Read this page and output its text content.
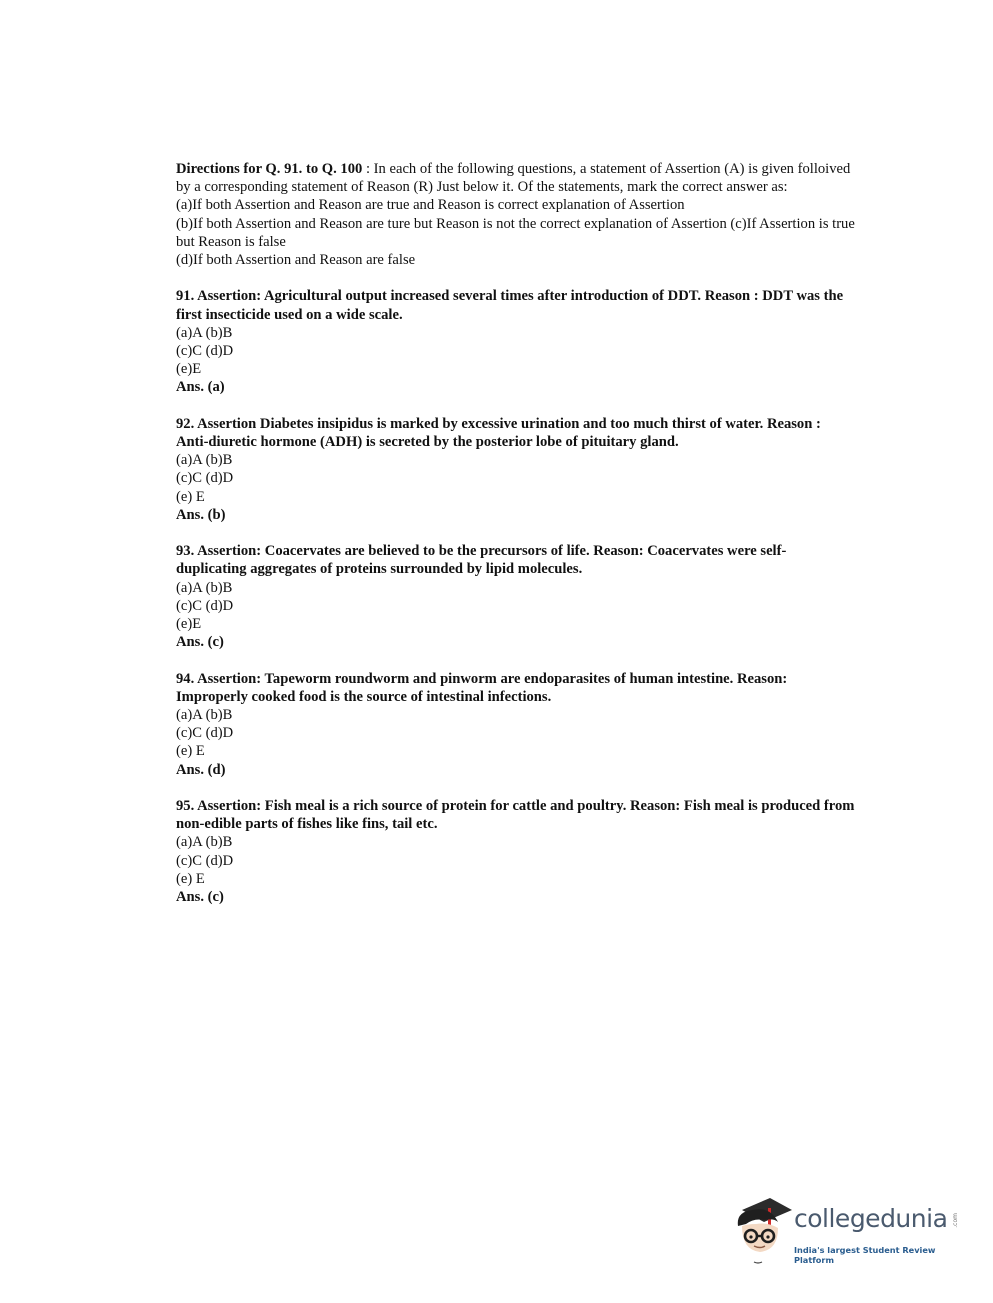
Directions for Q. 91. to Q. 100 : In each of the following questions, a statement of Assertion (A) is given folloived by a corresponding statement of Reason (R) Just below it. Of the statements, mark the correct answer as:

(a)If both Assertion and Reason are true and Reason is correct explanation of Assertion

(b)If both Assertion and Reason are ture but Reason is not the correct explanation of Assertion (c)If Assertion is true but Reason is false

(d)If both Assertion and Reason are false

91. Assertion: Agricultural output increased several times after introduction of DDT. Reason : DDT was the first insecticide used on a wide scale.

(a)A (b)B

(c)C (d)D

(e)E

Ans. (a)

92. Assertion Diabetes insipidus is marked by excessive urination and too much thirst of water. Reason : Anti-diuretic hormone (ADH) is secreted by the posterior lobe of pituitary gland.

(a)A (b)B

(c)C (d)D

(e) E

Ans. (b)

93. Assertion: Coacervates are believed to be the precursors of life. Reason: Coacervates were self-duplicating aggregates of proteins surrounded by lipid molecules.

(a)A (b)B

(c)C (d)D

(e)E

Ans. (c)

94. Assertion: Tapeworm roundworm and pinworm are endoparasites of human intestine. Reason: Improperly cooked food is the source of intestinal infections.

(a)A (b)B

(c)C (d)D

(e) E

Ans. (d)

95. Assertion: Fish meal is a rich source of protein for cattle and poultry. Reason: Fish meal is produced from non-edible parts of fishes like fins, tail etc.

(a)A (b)B

(c)C (d)D

(e) E

Ans. (c)

collegedunia .com
India's largest Student Review Platform
